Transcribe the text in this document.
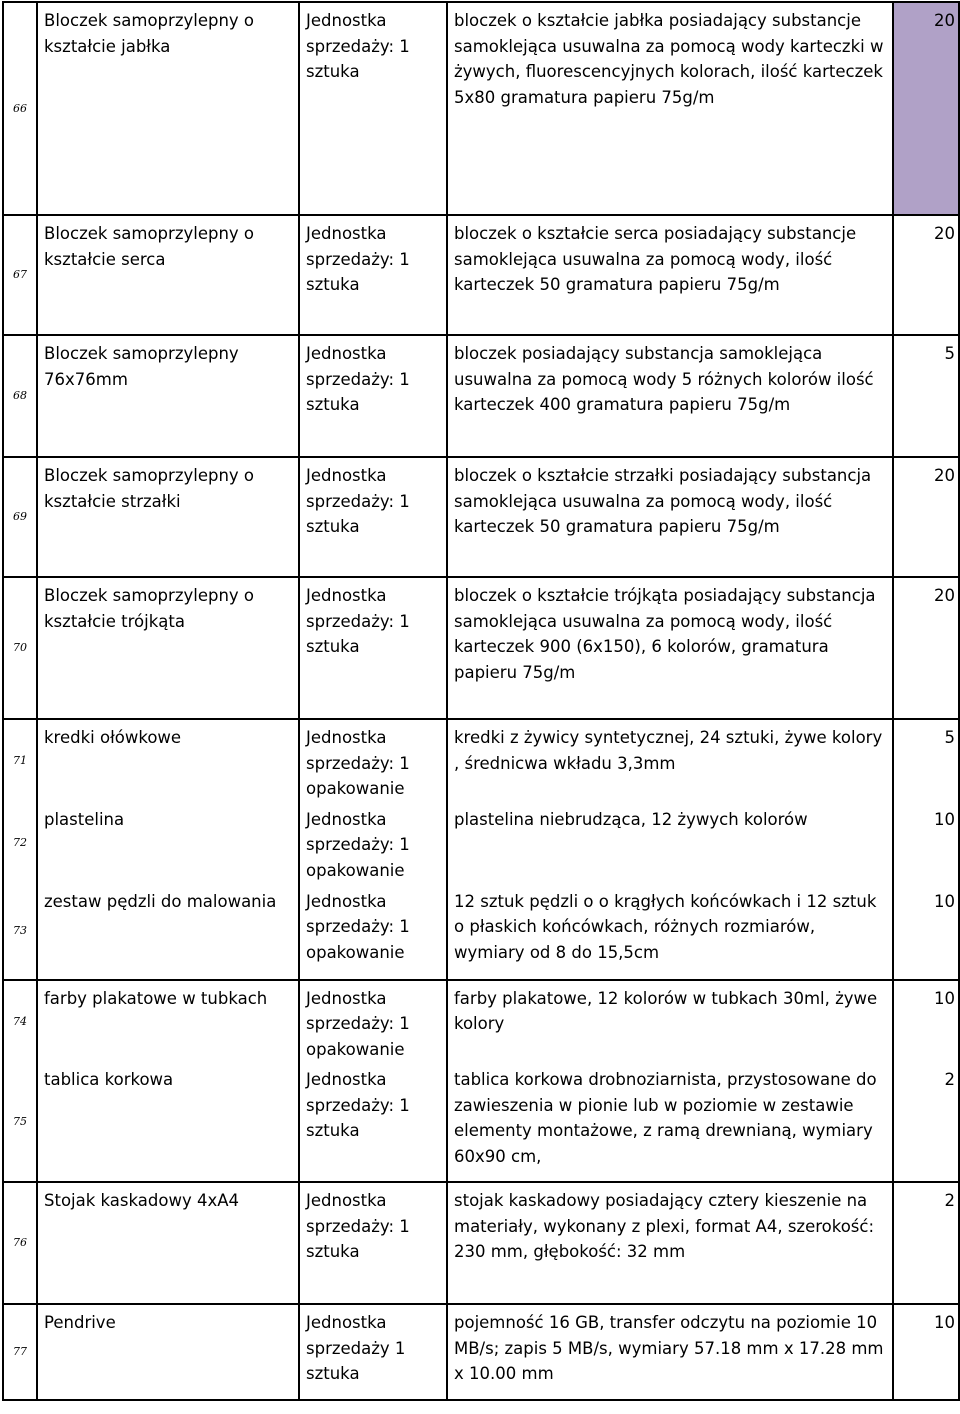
66	Bloczek samoprzylepny o kształcie jabłka	Jednostka sprzedaży: 1 sztuka	bloczek o kształcie jabłka posiadający substancje samoklejąca usuwalna za pomocą wody karteczki w żywych, fluorescencyjnych kolorach, ilość karteczek 5x80 gramatura papieru 75g/m	20
67	Bloczek samoprzylepny o kształcie serca	Jednostka sprzedaży: 1 sztuka	bloczek o kształcie serca posiadający substancje samoklejąca usuwalna za pomocą wody, ilość karteczek 50 gramatura papieru 75g/m	20
68	Bloczek samoprzylepny 76x76mm	Jednostka sprzedaży: 1 sztuka	bloczek posiadający substancja samoklejąca usuwalna za pomocą wody 5 różnych kolorów ilość karteczek 400 gramatura papieru 75g/m	5
69	Bloczek samoprzylepny o kształcie strzałki	Jednostka sprzedaży: 1 sztuka	bloczek o kształcie strzałki posiadający substancja samoklejąca usuwalna za pomocą wody, ilość karteczek 50 gramatura papieru 75g/m	20
70	Bloczek samoprzylepny o kształcie trójkąta	Jednostka sprzedaży: 1 sztuka	bloczek o kształcie trójkąta posiadający substancja samoklejąca usuwalna za pomocą wody, ilość karteczek 900 (6x150), 6 kolorów, gramatura papieru 75g/m	20
71	kredki ołówkowe	Jednostka sprzedaży: 1 opakowanie	kredki z żywicy syntetycznej, 24 sztuki, żywe kolory , średnicwa wkładu 3,3mm	5
72	plastelina	Jednostka sprzedaży: 1 opakowanie	plastelina niebrudząca, 12 żywych kolorów	10
73	zestaw pędzli do malowania	Jednostka sprzedaży: 1 opakowanie	12 sztuk pędzli o o krągłych końcówkach i 12 sztuk o płaskich końcówkach, różnych rozmiarów, wymiary od 8 do 15,5cm	10
74	farby plakatowe w tubkach	Jednostka sprzedaży: 1 opakowanie	farby plakatowe, 12 kolorów w tubkach 30ml, żywe kolory	10
75	tablica korkowa	Jednostka sprzedaży: 1 sztuka	tablica korkowa drobnoziarnista, przystosowane do zawieszenia w pionie lub w poziomie w zestawie elementy montażowe, z ramą drewnianą, wymiary 60x90 cm,	2
76	Stojak kaskadowy 4xA4	Jednostka sprzedaży: 1 sztuka	stojak kaskadowy posiadający cztery kieszenie na materiały, wykonany z plexi, format A4, szerokość: 230 mm, głębokość: 32 mm	2
77	Pendrive	Jednostka sprzedaży 1 sztuka	pojemność 16 GB, transfer odczytu na poziomie 10 MB/s; zapis 5 MB/s, wymiary 57.18 mm x 17.28 mm x 10.00 mm	10
